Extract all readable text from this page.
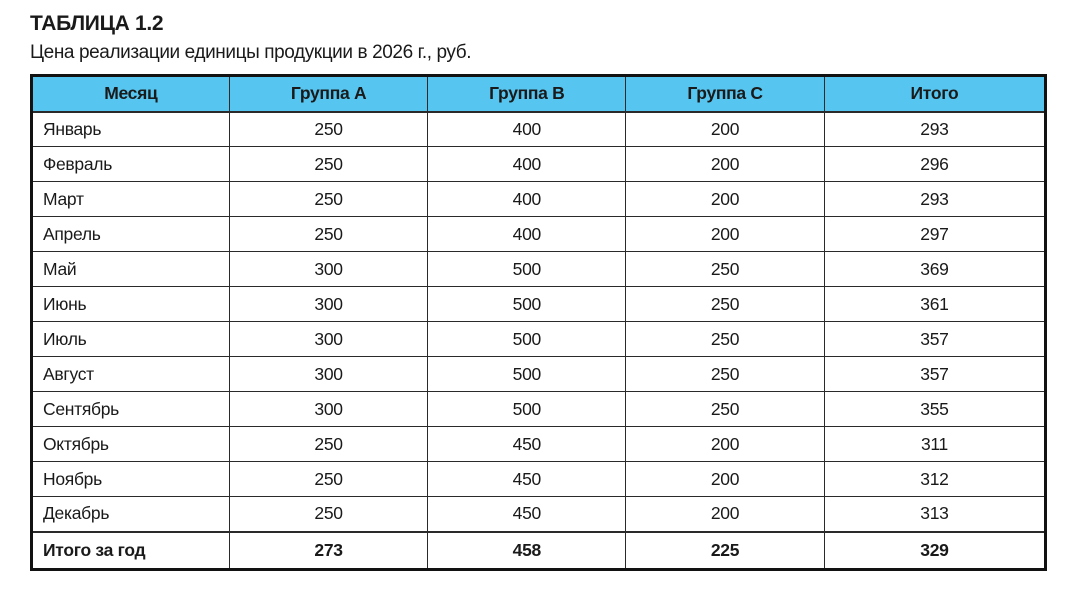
ТАБЛИЦА 1.2
Цена реализации единицы продукции в 2026 г., руб.
Месяц	Группа A	Группа B	Группа C	Итого
Январь	250	400	200	293
Февраль	250	400	200	296
Март	250	400	200	293
Апрель	250	400	200	297
Май	300	500	250	369
Июнь	300	500	250	361
Июль	300	500	250	357
Август	300	500	250	357
Сентябрь	300	500	250	355
Октябрь	250	450	200	311
Ноябрь	250	450	200	312
Декабрь	250	450	200	313
Итого за год	273	458	225	329
